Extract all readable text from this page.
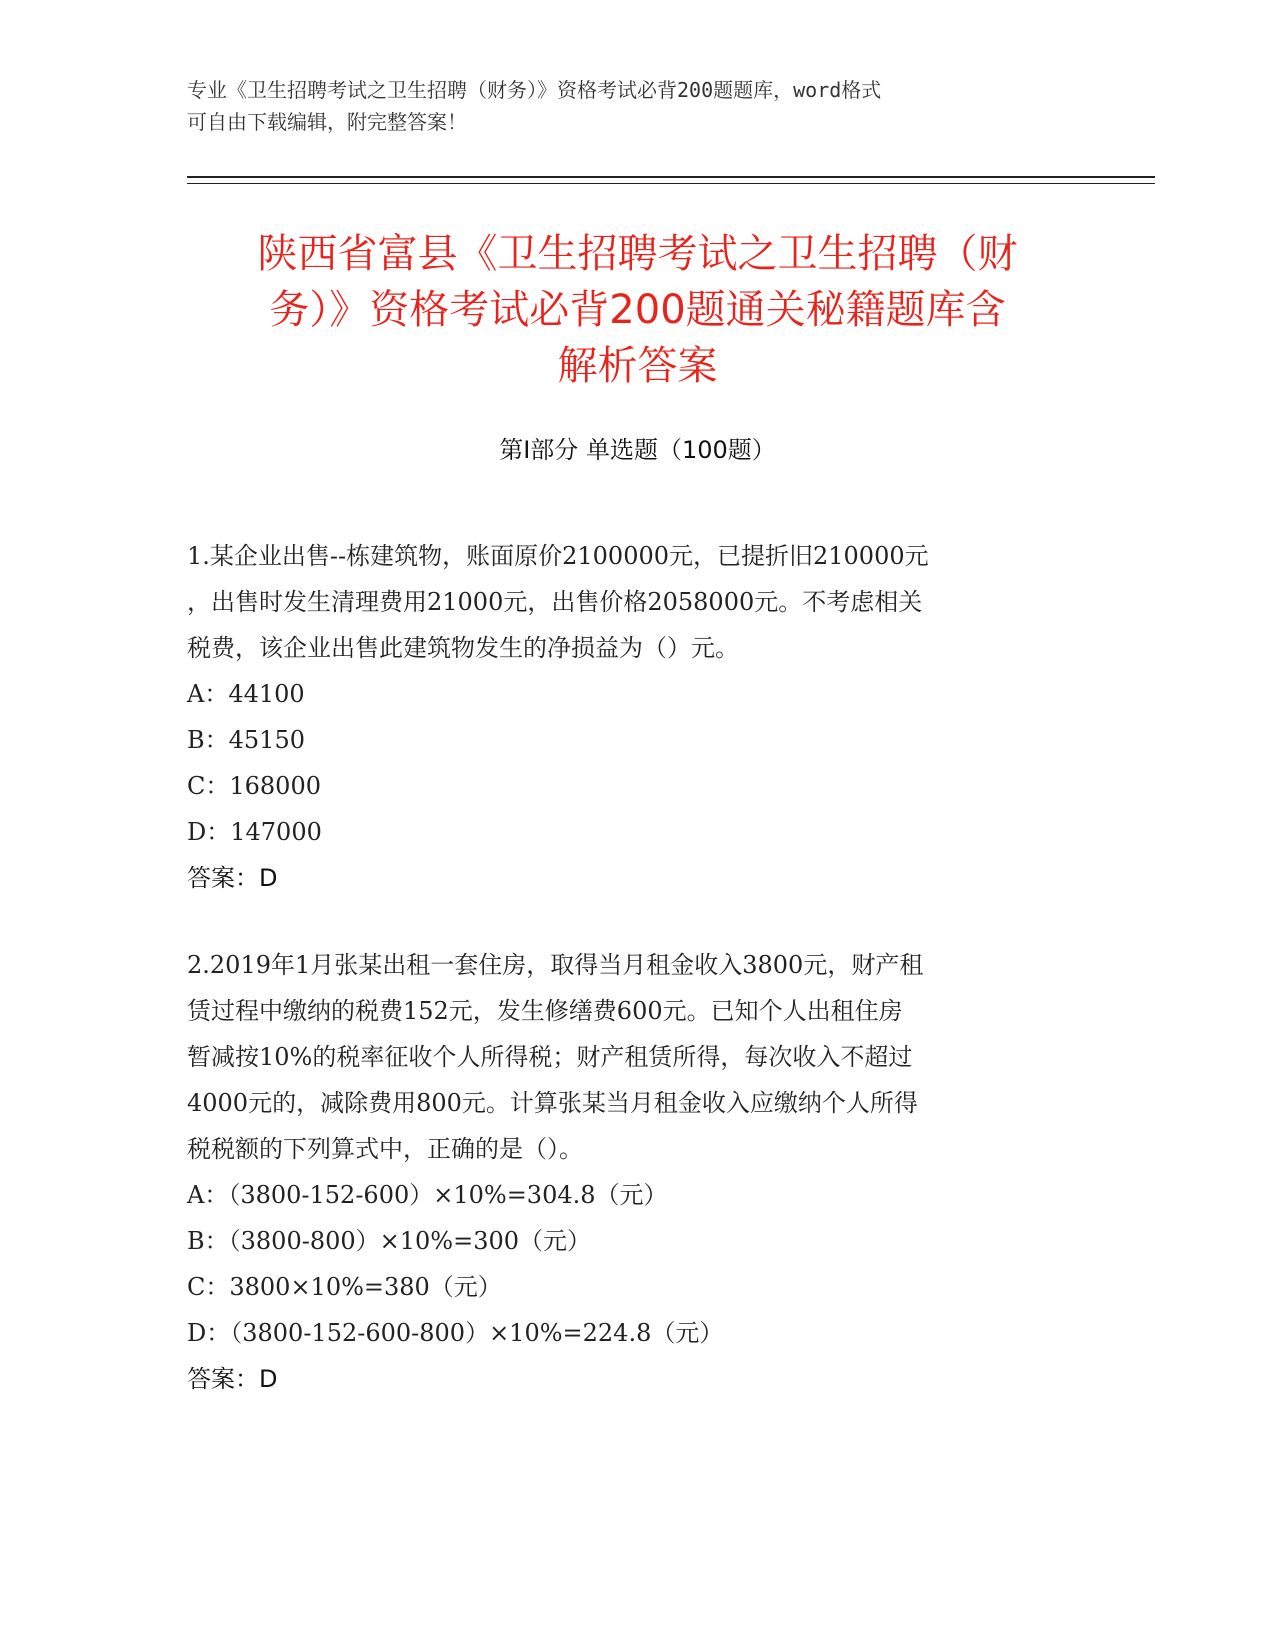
专业《卫生招聘考试之卫生招聘（财务）》资格考试必背200题题库，word格式
可自由下载编辑，附完整答案！
陕西省富县《卫生招聘考试之卫生招聘（财
务）》资格考试必背200题通关秘籍题库含
解析答案
第I部分 单选题（100题）

1.某企业出售--栋建筑物，账面原价2100000元，已提折旧210000元

，出售时发生清理费用21000元，出售价格2058000元。不考虑相关

税费，该企业出售此建筑物发生的净损益为（）元。

A：44100

B：45150

C：168000

D：147000

答案：D

2.2019年1月张某出租一套住房，取得当月租金收入3800元，财产租

赁过程中缴纳的税费152元，发生修缮费600元。已知个人出租住房

暂减按10%的税率征收个人所得税；财产租赁所得，每次收入不超过

4000元的，减除费用800元。计算张某当月租金收入应缴纳个人所得

税税额的下列算式中，正确的是（）。

A：（3800-152-600）×10%=304.8（元）

B：（3800-800）×10%=300（元）

C：3800×10%=380（元）

D：（3800-152-600-800）×10%=224.8（元）

答案：D
